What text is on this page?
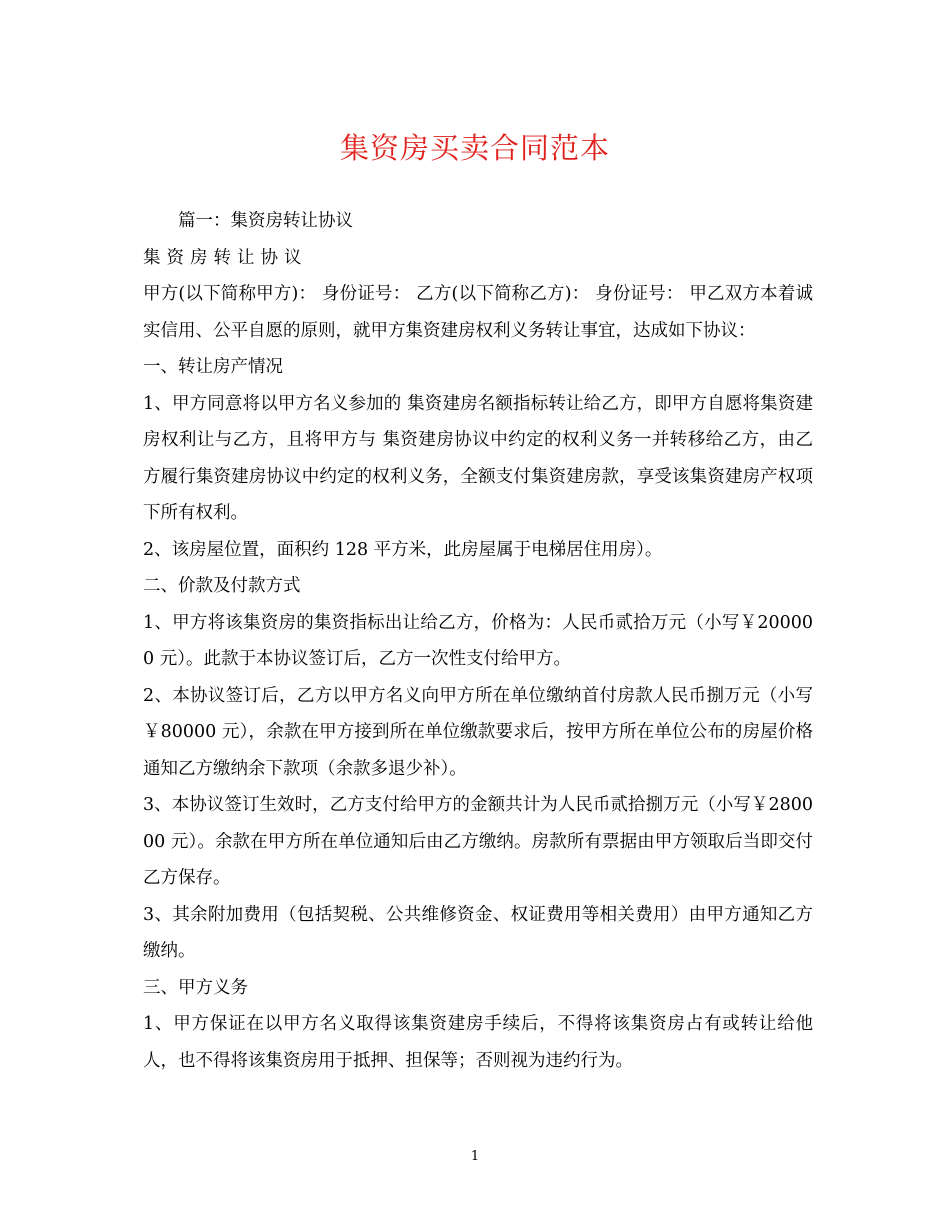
集资房买卖合同范本

篇一：集资房转让协议

集资房转让协议

甲方(以下简称甲方)： 身份证号： 乙方(以下简称乙方)： 身份证号： 甲乙双方本着诚实信用、公平自愿的原则，就甲方集资建房权利义务转让事宜，达成如下协议：

一、转让房产情况

1、甲方同意将以甲方名义参加的 集资建房名额指标转让给乙方，即甲方自愿将集资建房权利让与乙方，且将甲方与 集资建房协议中约定的权利义务一并转移给乙方，由乙方履行集资建房协议中约定的权利义务，全额支付集资建房款，享受该集资建房产权项下所有权利。

2、该房屋位置，面积约 128 平方米，此房屋属于电梯居住用房）。

二、价款及付款方式

1、甲方将该集资房的集资指标出让给乙方，价格为：人民币贰拾万元（小写￥200000 元）。此款于本协议签订后，乙方一次性支付给甲方。

2、本协议签订后，乙方以甲方名义向甲方所在单位缴纳首付房款人民币捌万元（小写￥80000 元），余款在甲方接到所在单位缴款要求后，按甲方所在单位公布的房屋价格通知乙方缴纳余下款项（余款多退少补）。

3、本协议签订生效时，乙方支付给甲方的金额共计为人民币贰拾捌万元（小写￥280000 元）。余款在甲方所在单位通知后由乙方缴纳。房款所有票据由甲方领取后当即交付乙方保存。

3、其余附加费用（包括契税、公共维修资金、权证费用等相关费用）由甲方通知乙方缴纳。

三、甲方义务

1、甲方保证在以甲方名义取得该集资建房手续后，不得将该集资房占有或转让给他人，也不得将该集资房用于抵押、担保等；否则视为违约行为。

1
